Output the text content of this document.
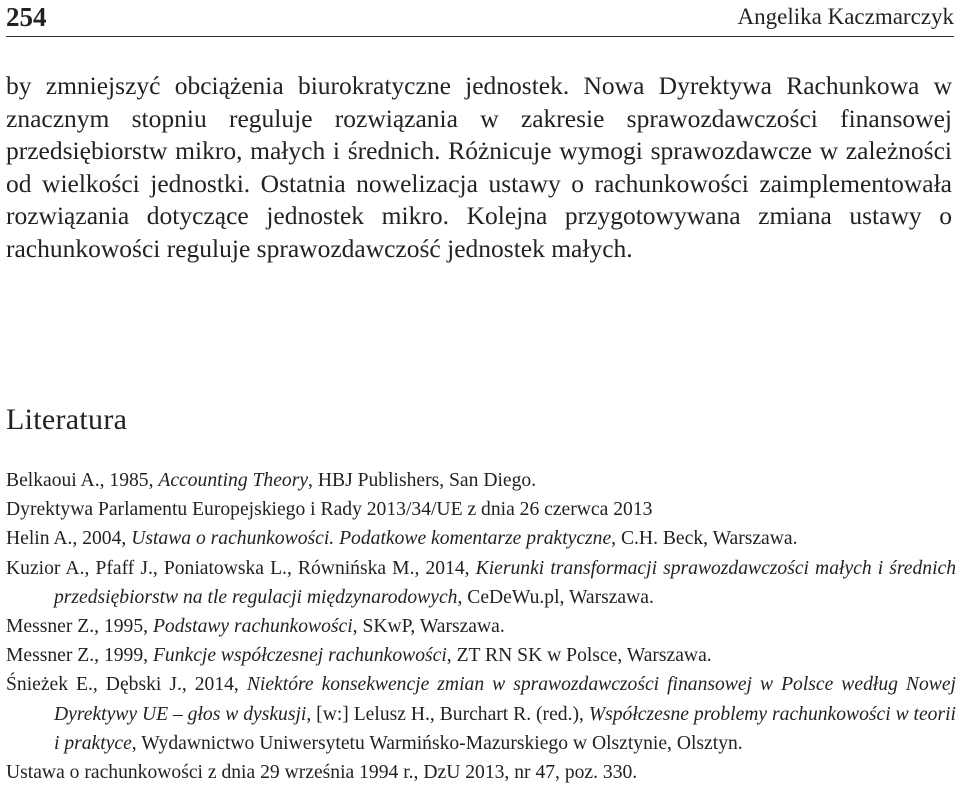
254	Angelika Kaczmarczyk

by zmniejszyć obciążenia biurokratyczne jednostek. Nowa Dyrektywa Rachunkowa w znacznym stopniu reguluje rozwiązania w zakresie sprawozdawczości finansowej przedsiębiorstw mikro, małych i średnich. Różnicuje wymogi sprawozdawcze w zależności od wielkości jednostki. Ostatnia nowelizacja ustawy o rachunkowości zaimplementowała rozwiązania dotyczące jednostek mikro. Kolejna przygotowywana zmiana ustawy o rachunkowości reguluje sprawozdawczość jednostek małych.

Literatura
Belkaoui A., 1985, Accounting Theory, HBJ Publishers, San Diego.
Dyrektywa Parlamentu Europejskiego i Rady 2013/34/UE z dnia 26 czerwca 2013
Helin A., 2004, Ustawa o rachunkowości. Podatkowe komentarze praktyczne, C.H. Beck, Warszawa.
Kuzior A., Pfaff J., Poniatowska L., Równińska M., 2014, Kierunki transformacji sprawozdawczości małych i średnich przedsiębiorstw na tle regulacji międzynarodowych, CeDeWu.pl, Warszawa.
Messner Z., 1995, Podstawy rachunkowości, SKwP, Warszawa.
Messner Z., 1999, Funkcje współczesnej rachunkowości, ZT RN SK w Polsce, Warszawa.
Śnieżek E., Dębski J., 2014, Niektóre konsekwencje zmian w sprawozdawczości finansowej w Polsce według Nowej Dyrektywy UE – głos w dyskusji, [w:] Lelusz H., Burchart R. (red.), Współczesne problemy rachunkowości w teorii i praktyce, Wydawnictwo Uniwersytetu Warmińsko-Mazurskiego w Olsztynie, Olsztyn.
Ustawa o rachunkowości z dnia 29 września 1994 r., DzU 2013, nr 47, poz. 330.
